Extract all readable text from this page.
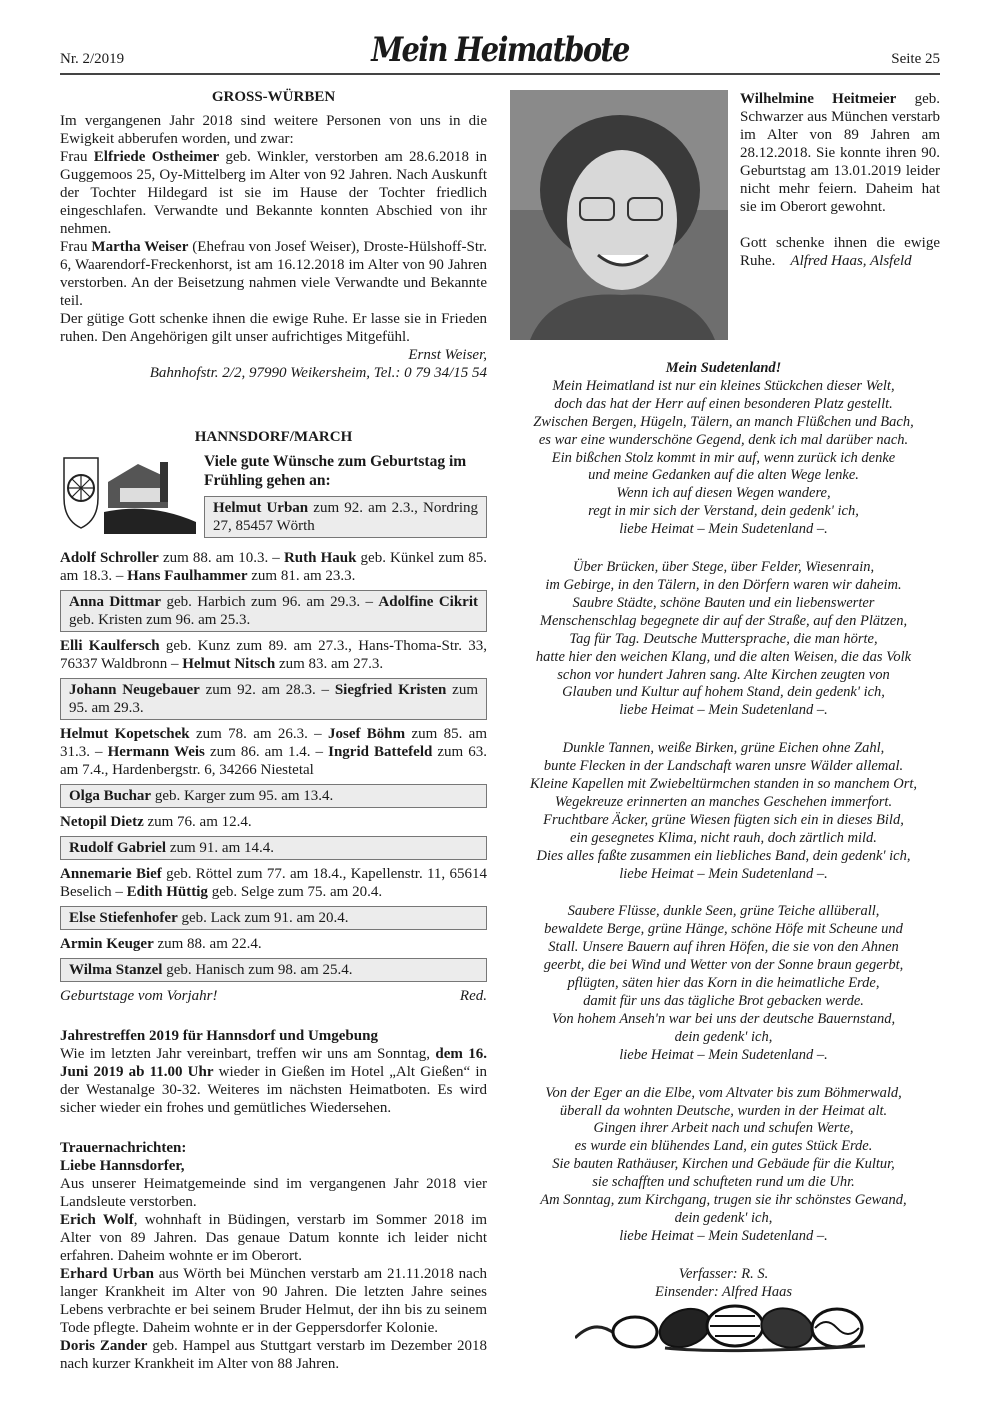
Nr. 2/2019	Mein Heimatbote	Seite 25
GROSS-WÜRBEN

Im vergangenen Jahr 2018 sind weitere Personen von uns in die Ewigkeit abberufen worden, und zwar:

Frau Elfriede Ostheimer geb. Winkler, verstorben am 28.6.2018 in Guggemoos 25, Oy-Mittelberg im Alter von 92 Jahren. Nach Auskunft der Tochter Hildegard ist sie im Hause der Tochter friedlich eingeschlafen. Verwandte und Bekannte konnten Abschied von ihr nehmen.

Frau Martha Weiser (Ehefrau von Josef Weiser), Droste-Hülshoff-Str. 6, Waarendorf-Freckenhorst, ist am 16.12.2018 im Alter von 90 Jahren verstorben. An der Beisetzung nahmen viele Verwandte und Bekannte teil.

Der gütige Gott schenke ihnen die ewige Ruhe. Er lasse sie in Frieden ruhen. Den Angehörigen gilt unser aufrichtiges Mitgefühl.

Ernst Weiser,
Bahnhofstr. 2/2, 97990 Weikersheim, Tel.: 0 79 34/15 54
HANNSDORF/MARCH
Viele gute Wünsche zum Geburtstag im Frühling gehen an:
Helmut Urban zum 92. am 2.3., Nordring 27, 85457 Wörth

Adolf Schroller zum 88. am 10.3. – Ruth Hauk geb. Künkel zum 85. am 18.3. – Hans Faulhammer zum 81. am 23.3.

Anna Dittmar geb. Harbich zum 96. am 29.3. – Adolfine Cikrit geb. Kristen zum 96. am 25.3.

Elli Kaulfersch geb. Kunz zum 89. am 27.3., Hans-Thoma-Str. 33, 76337 Waldbronn – Helmut Nitsch zum 83. am 27.3.

Johann Neugebauer zum 92. am 28.3. – Siegfried Kristen zum 95. am 29.3.

Helmut Kopetschek zum 78. am 26.3. – Josef Böhm zum 85. am 31.3. – Hermann Weis zum 86. am 1.4. – Ingrid Battefeld zum 63. am 7.4., Hardenbergstr. 6, 34266 Niestetal

Olga Buchar geb. Karger zum 95. am 13.4.

Netopil Dietz zum 76. am 12.4.

Rudolf Gabriel zum 91. am 14.4.

Annemarie Bief geb. Röttel zum 77. am 18.4., Kapellenstr. 11, 65614 Beselich – Edith Hüttig geb. Selge zum 75. am 20.4.

Else Stiefenhofer geb. Lack zum 91. am 20.4.

Armin Keuger zum 88. am 22.4.

Wilma Stanzel geb. Hanisch zum 98. am 25.4.
Geburtstage vom Vorjahr!	Red.
Jahrestreffen 2019 für Hannsdorf und Umgebung

Wie im letzten Jahr vereinbart, treffen wir uns am Sonntag, dem 16. Juni 2019 ab 11.00 Uhr wieder in Gießen im Hotel „Alt Gießen“ in der Westanalge 30-32. Weiteres im nächsten Heimatboten. Es wird sicher wieder ein frohes und gemütliches Wiedersehen.

Trauernachrichten:
Liebe Hannsdorfer,

Aus unserer Heimatgemeinde sind im vergangenen Jahr 2018 vier Landsleute verstorben.

Erich Wolf, wohnhaft in Büdingen, verstarb im Sommer 2018 im Alter von 89 Jahren. Das genaue Datum konnte ich leider nicht erfahren. Daheim wohnte er im Oberort.

Erhard Urban aus Wörth bei München verstarb am 21.11.2018 nach langer Krankheit im Alter von 90 Jahren. Die letzten Jahre seines Lebens verbrachte er bei seinem Bruder Helmut, der ihn bis zu seinem Tode pflegte. Daheim wohnte er in der Geppersdorfer Kolonie.

Doris Zander geb. Hampel aus Stuttgart verstarb im Dezember 2018 nach kurzer Krankheit im Alter von 88 Jahren.

Wilhelmine Heitmeier geb. Schwarzer aus München verstarb im Alter von 89 Jahren am 28.12.2018. Sie konnte ihren 90. Geburtstag am 13.01.2019 leider nicht mehr feiern. Daheim hat sie im Oberort gewohnt.

Gott schenke ihnen die ewige Ruhe. Alfred Haas, Alsfeld

Mein Sudetenland!
Mein Heimatland ist nur ein kleines Stückchen dieser Welt,
doch das hat der Herr auf einen besonderen Platz gestellt.
Zwischen Bergen, Hügeln, Tälern, an manch Flüßchen und Bach,
es war eine wunderschöne Gegend, denk ich mal darüber nach.
Ein bißchen Stolz kommt in mir auf, wenn zurück ich denke
und meine Gedanken auf die alten Wege lenke.
Wenn ich auf diesen Wegen wandere,
regt in mir sich der Verstand, dein gedenk' ich,
liebe Heimat – Mein Sudetenland –.
Über Brücken, über Stege, über Felder, Wiesenrain,
im Gebirge, in den Tälern, in den Dörfern waren wir daheim.
Saubre Städte, schöne Bauten und ein liebenswerter
Menschenschlag begegnete dir auf der Straße, auf den Plätzen,
Tag für Tag. Deutsche Muttersprache, die man hörte,
hatte hier den weichen Klang, und die alten Weisen, die das Volk
schon vor hundert Jahren sang. Alte Kirchen zeugten von
Glauben und Kultur auf hohem Stand, dein gedenk' ich,
liebe Heimat – Mein Sudetenland –.
Dunkle Tannen, weiße Birken, grüne Eichen ohne Zahl,
bunte Flecken in der Landschaft waren unsre Wälder allemal.
Kleine Kapellen mit Zwiebeltürmchen standen in so manchem Ort,
Wegekreuze erinnerten an manches Geschehen immerfort.
Fruchtbare Äcker, grüne Wiesen fügten sich ein in dieses Bild,
ein gesegnetes Klima, nicht rauh, doch zärtlich mild.
Dies alles faßte zusammen ein liebliches Band, dein gedenk' ich,
liebe Heimat – Mein Sudetenland –.
Saubere Flüsse, dunkle Seen, grüne Teiche allüberall,
bewaldete Berge, grüne Hänge, schöne Höfe mit Scheune und
Stall. Unsere Bauern auf ihren Höfen, die sie von den Ahnen
geerbt, die bei Wind und Wetter von der Sonne braun gegerbt,
pflügten, säten hier das Korn in die heimatliche Erde,
damit für uns das tägliche Brot gebacken werde.
Von hohem Anseh'n war bei uns der deutsche Bauernstand,
dein gedenk' ich,
liebe Heimat – Mein Sudetenland –.
Von der Eger an die Elbe, vom Altvater bis zum Böhmerwald,
überall da wohnten Deutsche, wurden in der Heimat alt.
Gingen ihrer Arbeit nach und schufen Werte,
es wurde ein blühendes Land, ein gutes Stück Erde.
Sie bauten Rathäuser, Kirchen und Gebäude für die Kultur,
sie schafften und schufteten rund um die Uhr.
Am Sonntag, zum Kirchgang, trugen sie ihr schönstes Gewand,
dein gedenk' ich,
liebe Heimat – Mein Sudetenland –.
Verfasser: R. S.
Einsender: Alfred Haas
